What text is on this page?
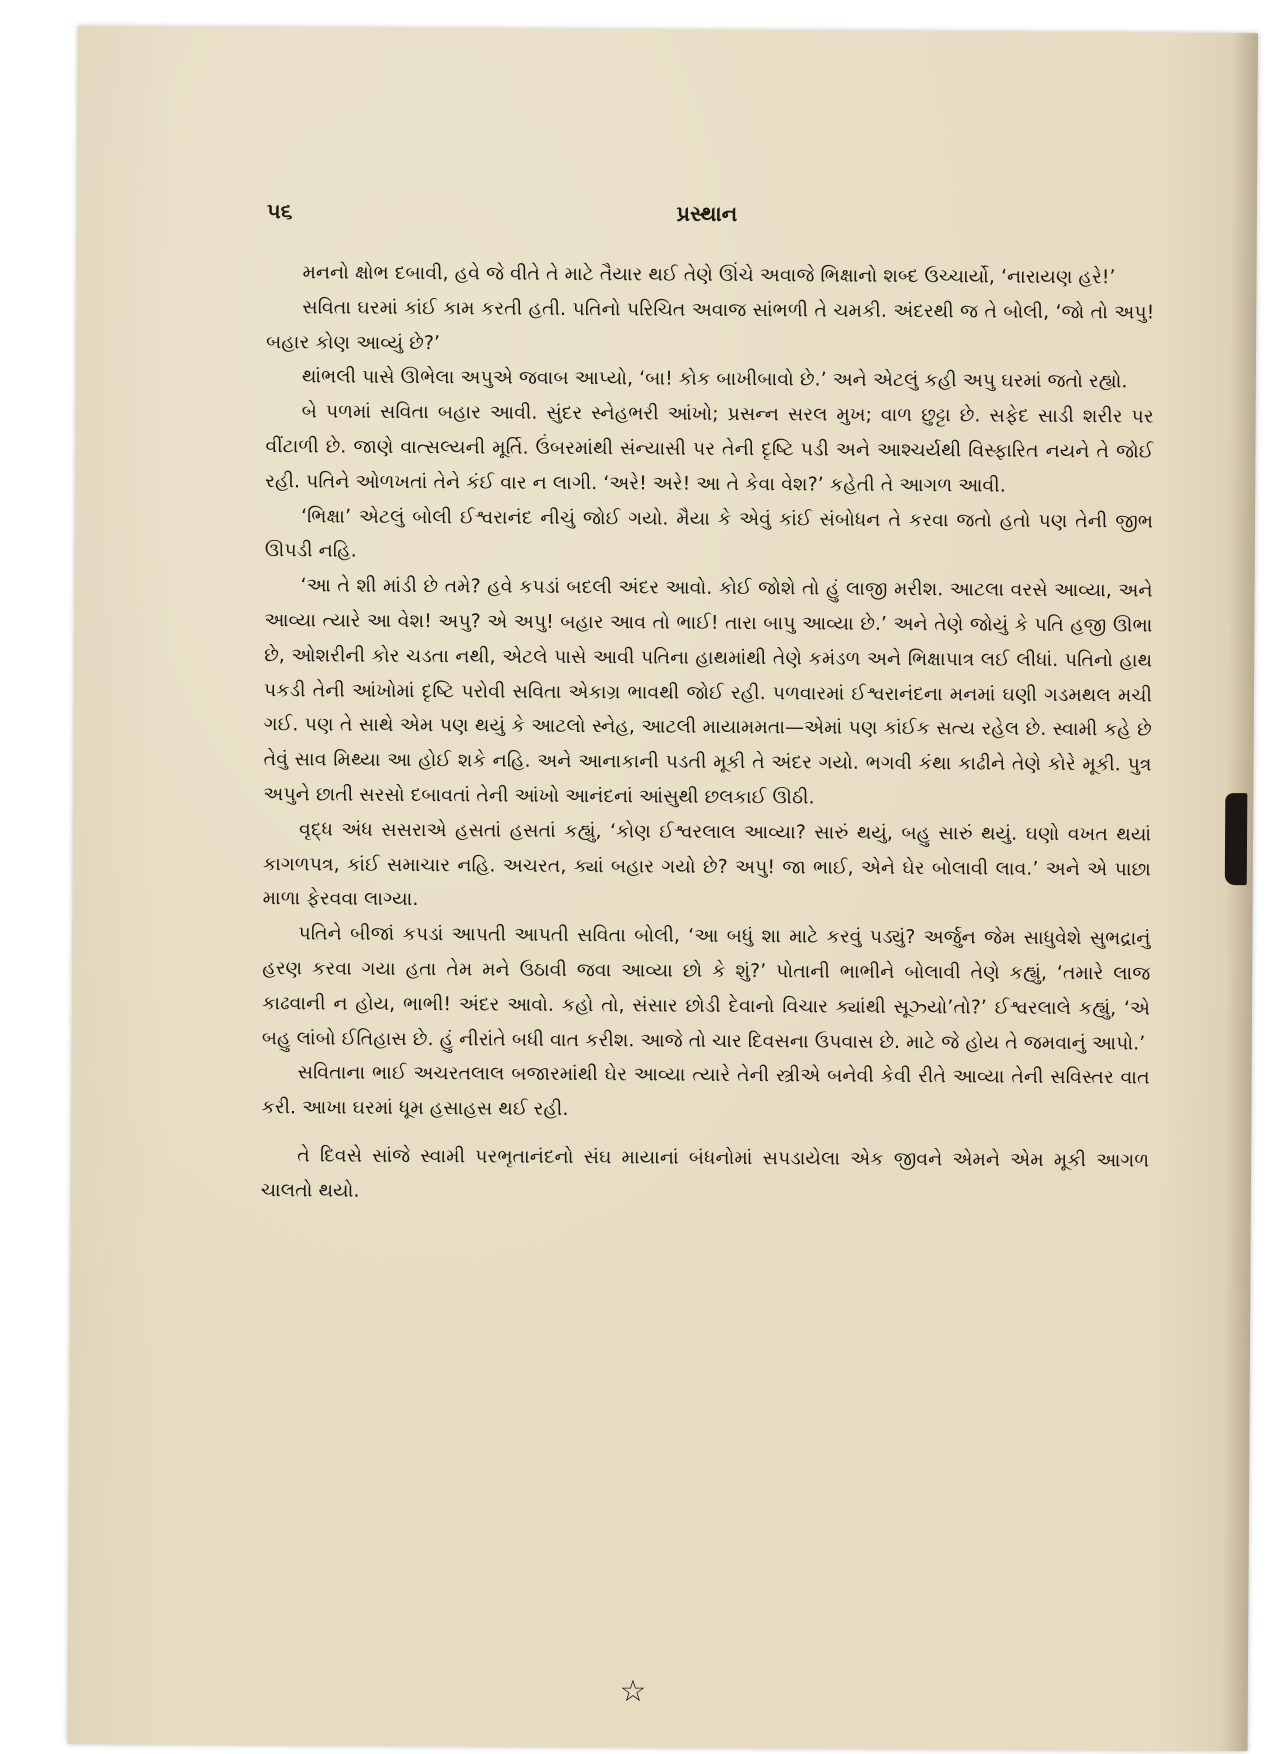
૫૬	પ્રસ્થાન

મનનો ક્ષોભ દબાવી, હવે જે વીતે તે માટે તૈયાર થઈ તેણે ઊંચે અવાજે ભિક્ષાનો શબ્દ ઉચ્ચાર્યો, ‘નારાયણ હરે!’

સવિતા ઘરમાં કાંઈ કામ કરતી હતી. પતિનો પરિચિત અવાજ સાંભળી તે ચમકી. અંદરથી જ તે બોલી, ‘જો તો અપુ! બહાર કોણ આવ્યું છે?’

થાંભલી પાસે ઊભેલા અપુએ જવાબ આપ્યો, ‘બા! કોક બાખીબાવો છે.’ અને એટલું કહી અપુ ઘરમાં જતો રહ્યો.

બે પળમાં સવિતા બહાર આવી. સુંદર સ્નેહભરી આંખો; પ્રસન્ન સરલ મુખ; વાળ છુટ્ટા છે. સફેદ સાડી શરીર પર વીંટાળી છે. જાણે વાત્સલ્યની મૂર્તિ. ઉંબરમાંથી સંન્યાસી પર તેની દૃષ્ટિ પડી અને આશ્ચર્યથી વિસ્ફારિત નયને તે જોઈ રહી. પતિને ઓળખતાં તેને કંઈ વાર ન લાગી. ‘અરે! અરે! આ તે કેવા વેશ?’ કહેતી તે આગળ આવી.

‘ભિક્ષા’ એટલું બોલી ઈશ્વરાનંદ નીચું જોઈ ગયો. મૈયા કે એવું કાંઈ સંબોધન તે કરવા જતો હતો પણ તેની જીભ ઊપડી નહિ.

‘આ તે શી માંડી છે તમે? હવે કપડાં બદલી અંદર આવો. કોઈ જોશે તો હું લાજી મરીશ. આટલા વરસે આવ્યા, અને આવ્યા ત્યારે આ વેશ! અપુ? એ અપુ! બહાર આવ તો ભાઈ! તારા બાપુ આવ્યા છે.’ અને તેણે જોયું કે પતિ હજી ઊભા છે, ઓશરીની કોર ચડતા નથી, એટલે પાસે આવી પતિના હાથમાંથી તેણે કમંડળ અને ભિક્ષાપાત્ર લઈ લીધાં. પતિનો હાથ પકડી તેની આંખોમાં દૃષ્ટિ પરોવી સવિતા એકાગ્ર ભાવથી જોઈ રહી. પળવારમાં ઈશ્વરાનંદના મનમાં ઘણી ગડમથલ મચી ગઈ. પણ તે સાથે એમ પણ થયું કે આટલો સ્નેહ, આટલી માયામમતા—એમાં પણ કાંઈક સત્ય રહેલ છે. સ્વામી કહે છે તેવું સાવ મિથ્યા આ હોઈ શકે નહિ. અને આનાકાની પડતી મૂકી તે અંદર ગયો. ભગવી કંથા કાઢીને તેણે કોરે મૂકી. પુત્ર અપુને છાતી સરસો દબાવતાં તેની આંખો આનંદનાં આંસુથી છલકાઈ ઊઠી.

વૃદ્ધ અંધ સસરાએ હસતાં હસતાં કહ્યું, ‘કોણ ઈશ્વરલાલ આવ્યા? સારું થયું, બહુ સારું થયું. ઘણો વખત થયાં કાગળપત્ર, કાંઈ સમાચાર નહિ. અચરત, ક્યાં બહાર ગયો છે? અપુ! જા ભાઈ, એને ઘેર બોલાવી લાવ.’ અને એ પાછા માળા ફેરવવા લાગ્યા.

પતિને બીજાં કપડાં આપતી આપતી સવિતા બોલી, ‘આ બધું શા માટે કરવું પડ્યું? અર્જુન જેમ સાધુવેશે સુભદ્રાનું હરણ કરવા ગયા હતા તેમ મને ઉઠાવી જવા આવ્યા છો કે શું?’ પોતાની ભાભીને બોલાવી તેણે કહ્યું, ‘તમારે લાજ કાઢવાની ન હોય, ભાભી! અંદર આવો. કહો તો, સંસાર છોડી દેવાનો વિચાર ક્યાંથી સૂઝ્યો’તો?’ ઈશ્વરલાલે કહ્યું, ‘એ બહુ લાંબો ઈતિહાસ છે. હું નીરાંતે બધી વાત કરીશ. આજે તો ચાર દિવસના ઉપવાસ છે. માટે જે હોય તે જમવાનું આપો.’

સવિતાના ભાઈ અચરતલાલ બજારમાંથી ઘેર આવ્યા ત્યારે તેની સ્ત્રીએ બનેવી કેવી રીતે આવ્યા તેની સવિસ્તર વાત કરી. આખા ઘરમાં ધૂમ હસાહસ થઈ રહી.

તે દિવસે સાંજે સ્વામી પરભૃતાનંદનો સંઘ માયાનાં બંધનોમાં સપડાયેલા એક જીવને એમને એમ મૂકી આગળ ચાલતો થયો.

☆
